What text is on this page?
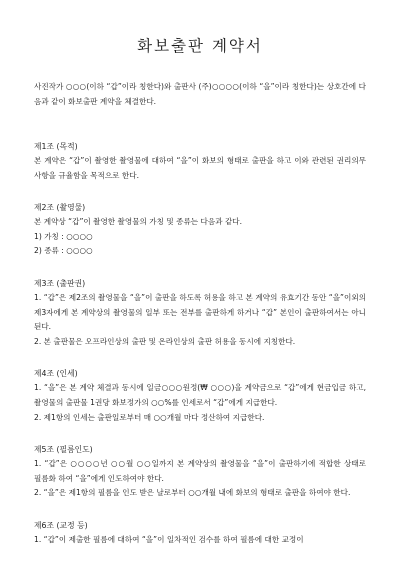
화보출판 계약서

사진작가 ○○○(이하 “갑”이라 칭한다)와 출판사 (주)○○○○(이하 “을”이라 칭한다)는 상호간에 다음과 같이 화보출판 계약을 체결한다.

제1조 (목적)

본 계약은 “갑”이 촬영한 촬영물에 대하여 “을”이 화보의 형태로 출판을 하고 이와 관련된 권리의무 사항을 규율함을 목적으로 한다.

제2조 (촬영물)

본 계약상 “갑”이 촬영한 촬영물의 가칭 및 종류는 다음과 같다.

1) 가칭 : ○○○○

2) 종류 : ○○○○

제3조 (출판권)

1. “갑”은 제2조의 촬영물을 “을”이 출판을 하도록 허용을 하고 본 계약의 유효기간 동안 “을”이외의 제3자에게 본 계약상의 촬영물의 일부 또는 전부를 출판하게 하거나 “갑” 본인이 출판하여서는 아니 된다.

2. 본 출판물은 오프라인상의 출판 및 온라인상의 출판 허용을 동시에 지칭한다.

제4조 (인세)

1. “을”은 본 계약 체결과 동시에 일금○○○원정(₩ ○○○)을 계약금으로 “갑”에게 현금입금 하고, 촬영물의 출판물 1권당 화보정가의 ○○%를 인세로서 “갑”에게 지급한다.

2. 제1항의 인세는 출판일로부터 매 ○○개월 마다 정산하여 지급한다.

제5조 (필름인도)

1. “갑”은 ○○○○년 ○○월 ○○일까지 본 계약상의 촬영물을 “을”이 출판하기에 적합한 상태로 필름화 하여 “을”에게 인도하여야 한다.

2. “을”은 제1항의 필름을 인도 받은 날로부터 ○○개월 내에 화보의 형태로 출판을 하여야 한다.

제6조 (교정 등)

1. “갑”이 제출한 필름에 대하여 “을”이 일차적인 검수를 하여 필름에 대한 교정이
